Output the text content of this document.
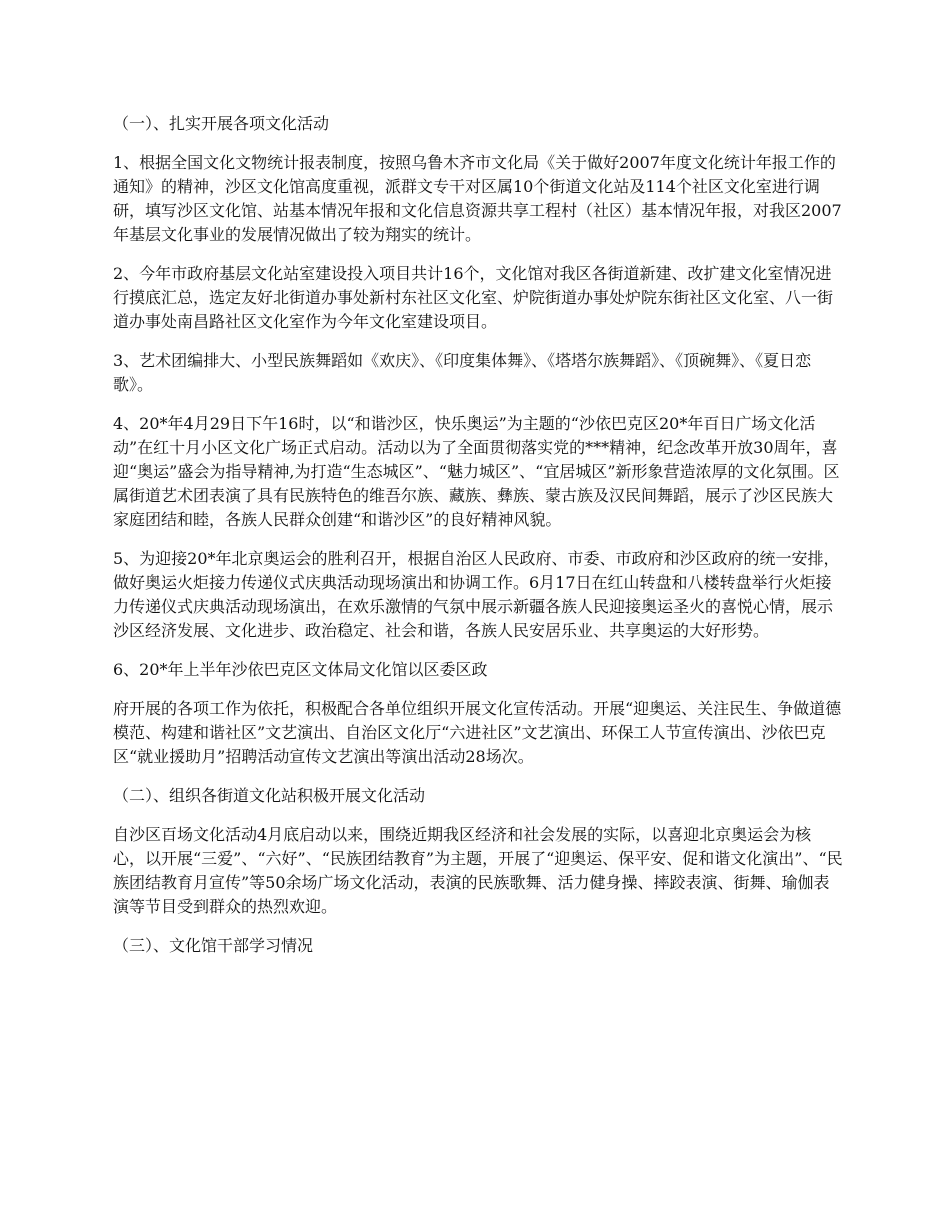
（一）、扎实开展各项文化活动

1、根据全国文化文物统计报表制度，按照乌鲁木齐市文化局《关于做好2007年度文化统计年报工作的通知》的精神，沙区文化馆高度重视，派群文专干对区属10个街道文化站及114个社区文化室进行调研，填写沙区文化馆、站基本情况年报和文化信息资源共享工程村（社区）基本情况年报，对我区2007年基层文化事业的发展情况做出了较为翔实的统计。

2、今年市政府基层文化站室建设投入项目共计16个，文化馆对我区各街道新建、改扩建文化室情况进行摸底汇总，选定友好北街道办事处新村东社区文化室、炉院街道办事处炉院东街社区文化室、八一街道办事处南昌路社区文化室作为今年文化室建设项目。

3、艺术团编排大、小型民族舞蹈如《欢庆》、《印度集体舞》、《塔塔尔族舞蹈》、《顶碗舞》、《夏日恋歌》。

4、20*年4月29日下午16时，以“和谐沙区，快乐奥运”为主题的“沙依巴克区20*年百日广场文化活动”在红十月小区文化广场正式启动。活动以为了全面贯彻落实党的***精神，纪念改革开放30周年，喜迎“奥运”盛会为指导精神,为打造“生态城区”、“魅力城区”、“宜居城区”新形象营造浓厚的文化氛围。区属街道艺术团表演了具有民族特色的维吾尔族、藏族、彝族、蒙古族及汉民间舞蹈，展示了沙区民族大家庭团结和睦，各族人民群众创建“和谐沙区”的良好精神风貌。

5、为迎接20*年北京奥运会的胜利召开，根据自治区人民政府、市委、市政府和沙区政府的统一安排，做好奥运火炬接力传递仪式庆典活动现场演出和协调工作。6月17日在红山转盘和八楼转盘举行火炬接力传递仪式庆典活动现场演出，在欢乐激情的气氛中展示新疆各族人民迎接奥运圣火的喜悦心情，展示沙区经济发展、文化进步、政治稳定、社会和谐，各族人民安居乐业、共享奥运的大好形势。

6、20*年上半年沙依巴克区文体局文化馆以区委区政

府开展的各项工作为依托，积极配合各单位组织开展文化宣传活动。开展“迎奥运、关注民生、争做道德模范、构建和谐社区”文艺演出、自治区文化厅“六进社区”文艺演出、环保工人节宣传演出、沙依巴克区“就业援助月”招聘活动宣传文艺演出等演出活动28场次。

（二）、组织各街道文化站积极开展文化活动

自沙区百场文化活动4月底启动以来，围绕近期我区经济和社会发展的实际，以喜迎北京奥运会为核心，以开展“三爱”、“六好”、“民族团结教育”为主题，开展了“迎奥运、保平安、促和谐文化演出”、“民族团结教育月宣传”等50余场广场文化活动，表演的民族歌舞、活力健身操、摔跤表演、街舞、瑜伽表演等节目受到群众的热烈欢迎。

（三）、文化馆干部学习情况
